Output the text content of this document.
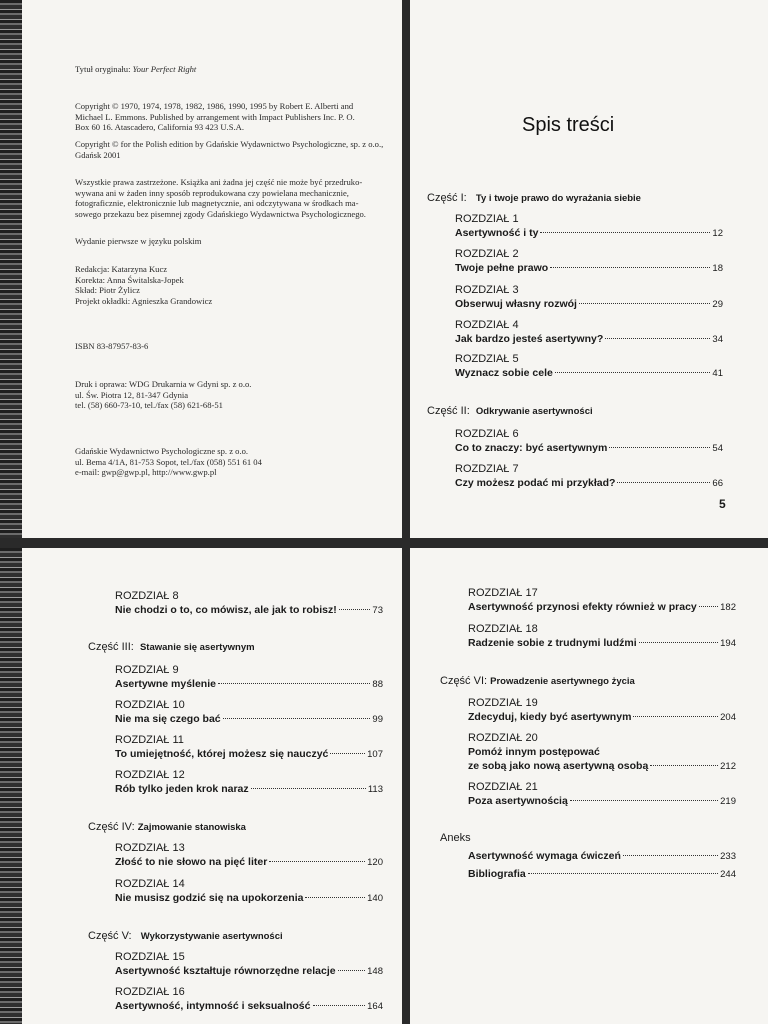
Tytuł oryginału: Your Perfect Right
Copyright © 1970, 1974, 1978, 1982, 1986, 1990, 1995 by Robert E. Alberti and
Michael L. Emmons. Published by arrangement with Impact Publishers Inc. P. O.
Box 60 16. Atascadero, California 93 423 U.S.A.
Copyright © for the Polish edition by Gdańskie Wydawnictwo Psychologiczne, sp. z o.o.,
Gdańsk 2001
Wszystkie prawa zastrzeżone. Książka ani żadna jej część nie może być przedruko-
wywana ani w żaden inny sposób reprodukowana czy powielana mechanicznie,
fotograficznie, elektronicznie lub magnetycznie, ani odczytywana w środkach ma-
sowego przekazu bez pisemnej zgody Gdańskiego Wydawnictwa Psychologicznego.
Wydanie pierwsze w języku polskim
Redakcja: Katarzyna Kucz
Korekta: Anna Świtalska-Jopek
Skład: Piotr Żylicz
Projekt okładki: Agnieszka Grandowicz
ISBN 83-87957-83-6
Druk i oprawa: WDG Drukarnia w Gdyni sp. z o.o.
ul. Św. Piotra 12, 81-347 Gdynia
tel. (58) 660-73-10, tel./fax (58) 621-68-51
Gdańskie Wydawnictwo Psychologiczne sp. z o.o.
ul. Bema 4/1A, 81-753 Sopot, tel./fax (058) 551 61 04
e-mail: gwp@gwp.pl, http://www.gwp.pl
Spis treści
Część I: Ty i twoje prawo do wyrażania siebie
ROZDZIAŁ 1
Asertywność i ty	12
ROZDZIAŁ 2
Twoje pełne prawo	18
ROZDZIAŁ 3
Obserwuj własny rozwój	29
ROZDZIAŁ 4
Jak bardzo jesteś asertywny?	34
ROZDZIAŁ 5
Wyznacz sobie cele	41
Część II: Odkrywanie asertywności
ROZDZIAŁ 6
Co to znaczy: być asertywnym	54
ROZDZIAŁ 7
Czy możesz podać mi przykład?	66
5
ROZDZIAŁ 8
Nie chodzi o to, co mówisz, ale jak to robisz!	73
Część III: Stawanie się asertywnym
ROZDZIAŁ 9
Asertywne myślenie	88
ROZDZIAŁ 10
Nie ma się czego bać	99
ROZDZIAŁ 11
To umiejętność, której możesz się nauczyć	107
ROZDZIAŁ 12
Rób tylko jeden krok naraz	113
Część IV: Zajmowanie stanowiska
ROZDZIAŁ 13
Złość to nie słowo na pięć liter	120
ROZDZIAŁ 14
Nie musisz godzić się na upokorzenia	140
Część V: Wykorzystywanie asertywności
ROZDZIAŁ 15
Asertywność kształtuje równorzędne relacje	148
ROZDZIAŁ 16
Asertywność, intymność i seksualność	164
ROZDZIAŁ 17
Asertywność przynosi efekty również w pracy 182
ROZDZIAŁ 18
Radzenie sobie z trudnymi ludźmi	194
Część VI: Prowadzenie asertywnego życia
ROZDZIAŁ 19
Zdecyduj, kiedy być asertywnym	204
ROZDZIAŁ 20
Pomóż innym postępować
ze sobą jako nową asertywną osobą	212
ROZDZIAŁ 21
Poza asertywnością	219
Aneks
Asertywność wymaga ćwiczeń	233
Bibliografia	244
